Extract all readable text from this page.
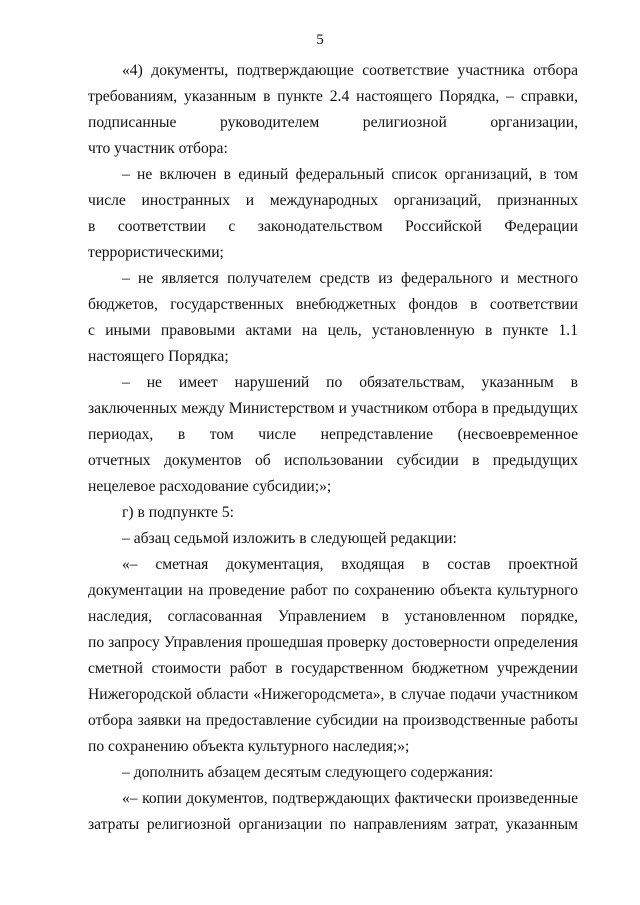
5
«4) документы, подтверждающие соответствие участника отбора
требованиям, указанным в пункте 2.4 настоящего Порядка, – справки,
подписанные руководителем религиозной организации,
что участник отбора:
– не включен в единый федеральный список организаций, в том
числе иностранных и международных организаций, признанных
в соответствии с законодательством Российской Федерации
террористическими;
– не является получателем средств из федерального и местного
бюджетов, государственных внебюджетных фондов в соответствии
с иными правовыми актами на цель, установленную в пункте 1.1
настоящего Порядка;
– не имеет нарушений по обязательствам, указанным в
заключенных между Министерством и участником отбора в предыдущих
периодах, в том числе непредставление (несвоевременное
отчетных документов об использовании субсидии в предыдущих
нецелевое расходование субсидии;»;
г) в подпункте 5:
– абзац седьмой изложить в следующей редакции:
«– сметная документация, входящая в состав проектной
документации на проведение работ по сохранению объекта культурного
наследия, согласованная Управлением в установленном порядке,
по запросу Управления прошедшая проверку достоверности определения
сметной стоимости работ в государственном бюджетном учреждении
Нижегородской области «Нижегородсмета», в случае подачи участником
отбора заявки на предоставление субсидии на производственные работы
по сохранению объекта культурного наследия;»;
– дополнить абзацем десятым следующего содержания:
«– копии документов, подтверждающих фактически произведенные
затраты религиозной организации по направлениям затрат, указанным
